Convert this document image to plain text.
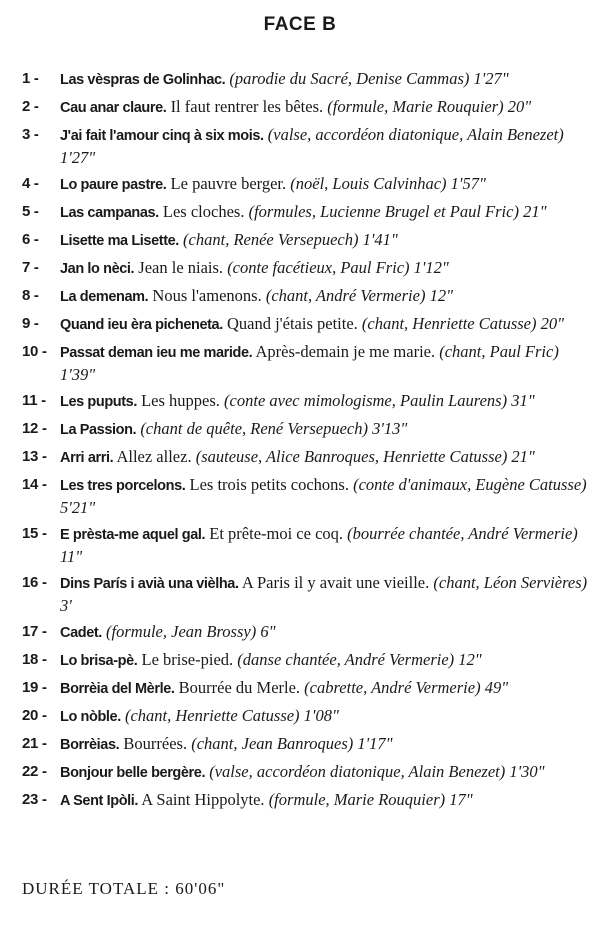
FACE B
1 -	Las vèspras de Golinhac. (parodie du Sacré, Denise Cammas) 1'27"
2 -	Cau anar claure. Il faut rentrer les bêtes. (formule, Marie Rouquier) 20"
3 -	J'ai fait l'amour cinq à six mois. (valse, accordéon diatonique, Alain Benezet) 1'27"
4 -	Lo paure pastre. Le pauvre berger. (noël, Louis Calvinhac) 1'57"
5 -	Las campanas. Les cloches. (formules, Lucienne Brugel et Paul Fric) 21"
6 -	Lisette ma Lisette. (chant, Renée Versepuech) 1'41"
7 -	Jan lo nèci. Jean le niais. (conte facétieux, Paul Fric) 1'12"
8 -	La demenam. Nous l'amenons. (chant, André Vermerie) 12"
9 -	Quand ieu èra picheneta. Quand j'étais petite. (chant, Henriette Catusse) 20"
10 - Passat deman ieu me maride. Après-demain je me marie. (chant, Paul Fric) 1'39"
11 - Les puputs. Les huppes. (conte avec mimologisme, Paulin Laurens) 31"
12 - La Passion. (chant de quête, René Versepuech) 3'13"
13 - Arri arri. Allez allez. (sauteuse, Alice Banroques, Henriette Catusse) 21"
14 - Les tres porcelons. Les trois petits cochons. (conte d'animaux, Eugène Catusse) 5'21"
15 - E prèsta-me aquel gal. Et prête-moi ce coq. (bourrée chantée, André Vermerie) 11"
16 - Dins París i avià una vièlha. A Paris il y avait une vieille. (chant, Léon Servières) 3'
17 - Cadet. (formule, Jean Brossy) 6"
18 - Lo brisa-pè. Le brise-pied. (danse chantée, André Vermerie) 12"
19 - Borrèia del Mèrle. Bourrée du Merle. (cabrette, André Vermerie) 49"
20 - Lo nòble. (chant, Henriette Catusse) 1'08"
21 - Borrèias. Bourrées. (chant, Jean Banroques) 1'17"
22 - Bonjour belle bergère. (valse, accordéon diatonique, Alain Benezet) 1'30"
23 - A Sent Ipòli. A Saint Hippolyte. (formule, Marie Rouquier) 17"
DURÉE TOTALE : 60'06"
